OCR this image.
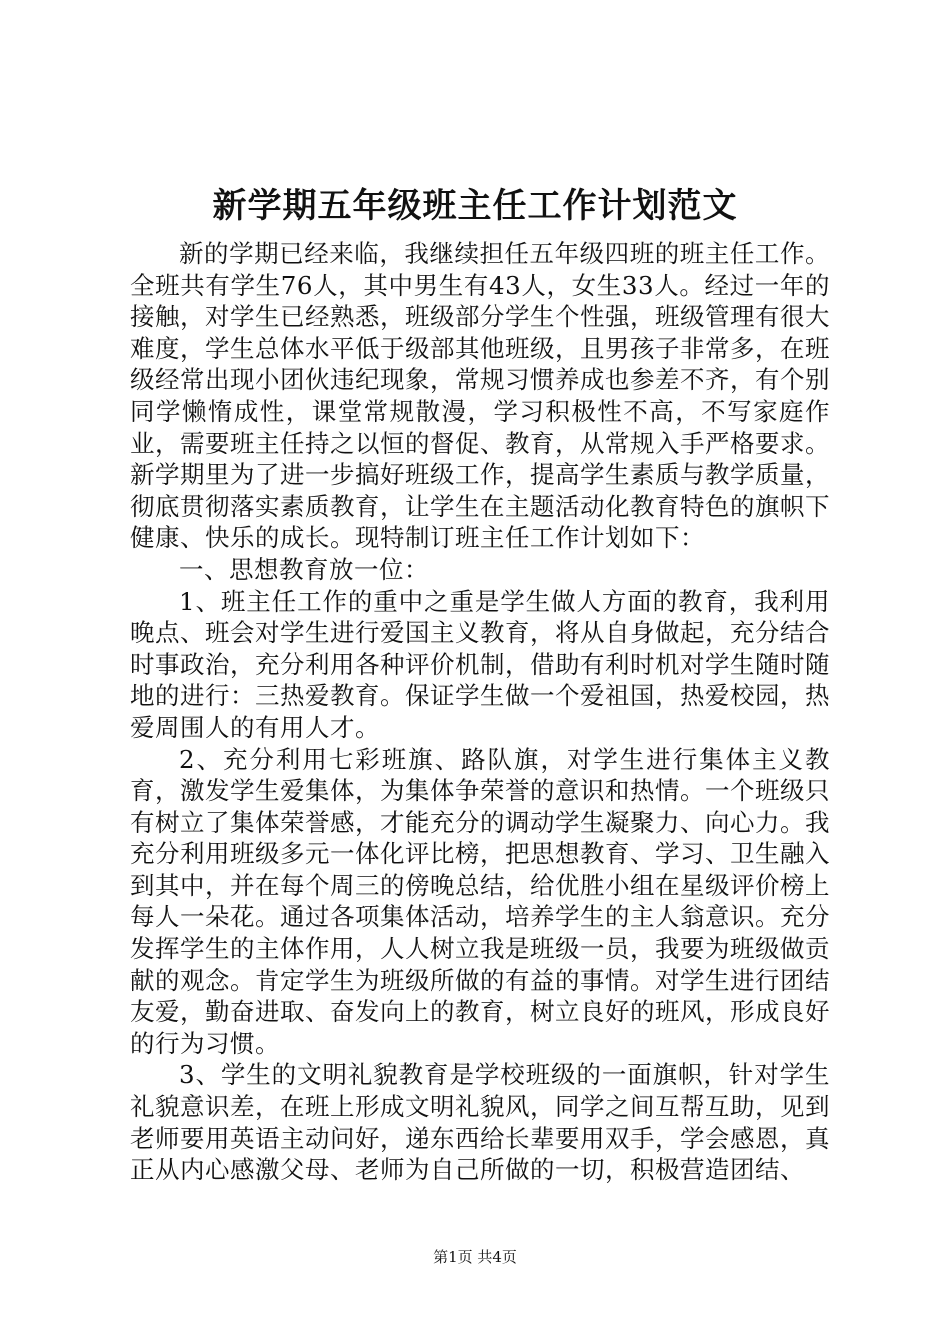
新学期五年级班主任工作计划范文

新的学期已经来临，我继续担任五年级四班的班主任工作。全班共有学生76人，其中男生有43人，女生33人。经过一年的接触，对学生已经熟悉，班级部分学生个性强，班级管理有很大难度，学生总体水平低于级部其他班级，且男孩子非常多，在班级经常出现小团伙违纪现象，常规习惯养成也参差不齐，有个别同学懒惰成性，课堂常规散漫，学习积极性不高，不写家庭作业，需要班主任持之以恒的督促、教育，从常规入手严格要求。新学期里为了进一步搞好班级工作，提高学生素质与教学质量，彻底贯彻落实素质教育，让学生在主题活动化教育特色的旗帜下健康、快乐的成长。现特制订班主任工作计划如下：

一、思想教育放一位：

1、班主任工作的重中之重是学生做人方面的教育，我利用晚点、班会对学生进行爱国主义教育，将从自身做起，充分结合时事政治，充分利用各种评价机制，借助有利时机对学生随时随地的进行：三热爱教育。保证学生做一个爱祖国，热爱校园，热爱周围人的有用人才。

2、充分利用七彩班旗、路队旗，对学生进行集体主义教育，激发学生爱集体，为集体争荣誉的意识和热情。一个班级只有树立了集体荣誉感，才能充分的调动学生凝聚力、向心力。我充分利用班级多元一体化评比榜，把思想教育、学习、卫生融入到其中，并在每个周三的傍晚总结，给优胜小组在星级评价榜上每人一朵花。通过各项集体活动，培养学生的主人翁意识。充分发挥学生的主体作用，人人树立我是班级一员，我要为班级做贡献的观念。肯定学生为班级所做的有益的事情。对学生进行团结友爱，勤奋进取、奋发向上的教育，树立良好的班风，形成良好的行为习惯。

3、学生的文明礼貌教育是学校班级的一面旗帜，针对学生礼貌意识差，在班上形成文明礼貌风，同学之间互帮互助，见到老师要用英语主动问好，递东西给长辈要用双手，学会感恩，真正从内心感激父母、老师为自己所做的一切，积极营造团结、

第1页 共4页
